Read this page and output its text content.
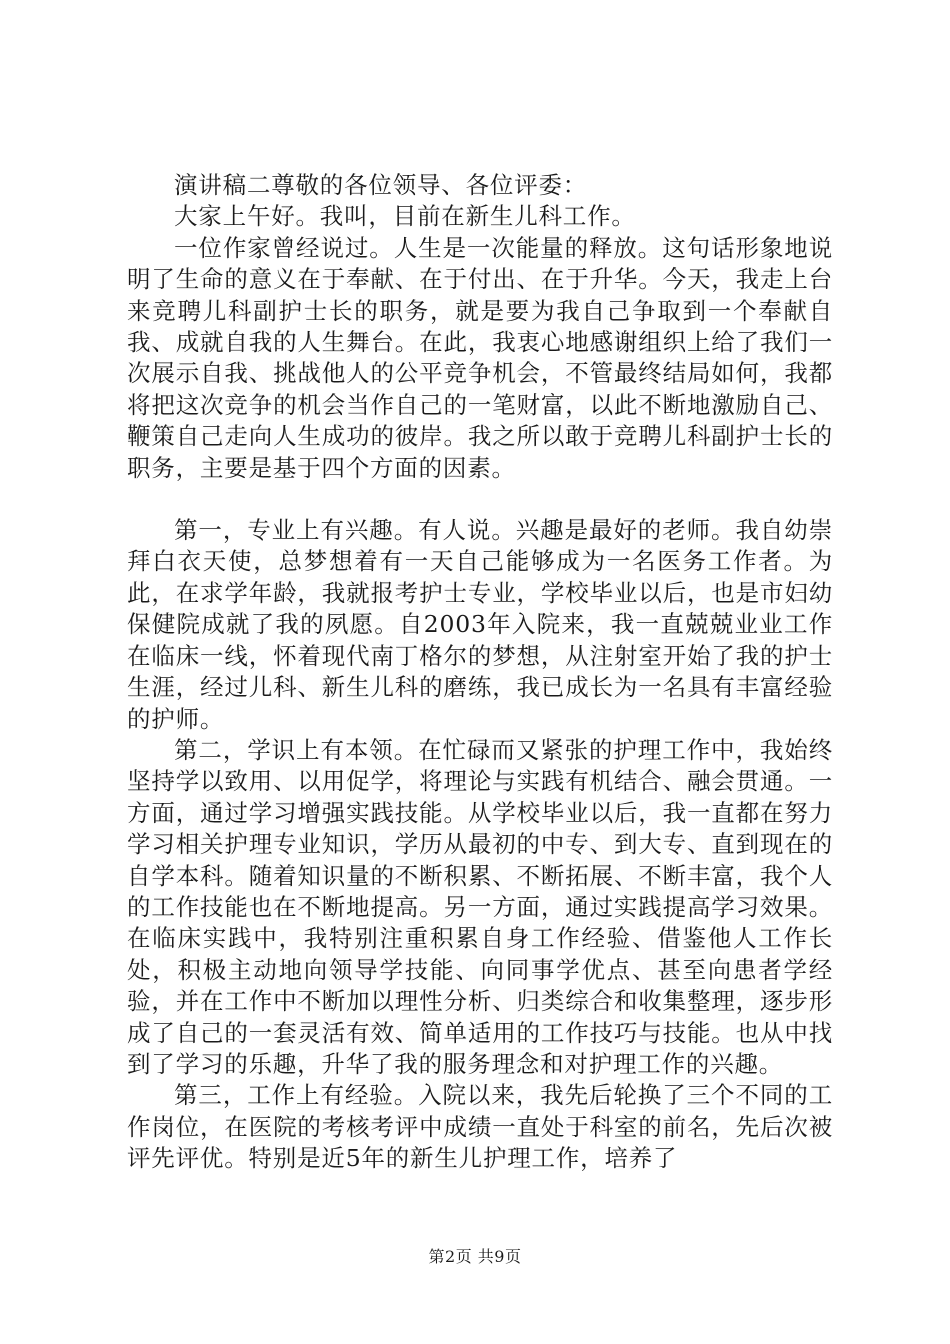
演讲稿二尊敬的各位领导、各位评委：

大家上午好。我叫，目前在新生儿科工作。

一位作家曾经说过。人生是一次能量的释放。这句话形象地说明了生命的意义在于奉献、在于付出、在于升华。今天，我走上台来竞聘儿科副护士长的职务，就是要为我自己争取到一个奉献自我、成就自我的人生舞台。在此，我衷心地感谢组织上给了我们一次展示自我、挑战他人的公平竞争机会，不管最终结局如何，我都将把这次竞争的机会当作自己的一笔财富，以此不断地激励自己、鞭策自己走向人生成功的彼岸。我之所以敢于竞聘儿科副护士长的职务，主要是基于四个方面的因素。

第一，专业上有兴趣。有人说。兴趣是最好的老师。我自幼崇拜白衣天使，总梦想着有一天自己能够成为一名医务工作者。为此，在求学年龄，我就报考护士专业，学校毕业以后，也是市妇幼保健院成就了我的夙愿。自2003年入院来，我一直兢兢业业工作在临床一线，怀着现代南丁格尔的梦想，从注射室开始了我的护士生涯，经过儿科、新生儿科的磨练，我已成长为一名具有丰富经验的护师。

第二，学识上有本领。在忙碌而又紧张的护理工作中，我始终坚持学以致用、以用促学，将理论与实践有机结合、融会贯通。一方面，通过学习增强实践技能。从学校毕业以后，我一直都在努力学习相关护理专业知识，学历从最初的中专、到大专、直到现在的自学本科。随着知识量的不断积累、不断拓展、不断丰富，我个人的工作技能也在不断地提高。另一方面，通过实践提高学习效果。在临床实践中，我特别注重积累自身工作经验、借鉴他人工作长处，积极主动地向领导学技能、向同事学优点、甚至向患者学经验，并在工作中不断加以理性分析、归类综合和收集整理，逐步形成了自己的一套灵活有效、简单适用的工作技巧与技能。也从中找到了学习的乐趣，升华了我的服务理念和对护理工作的兴趣。

第三，工作上有经验。入院以来，我先后轮换了三个不同的工作岗位，在医院的考核考评中成绩一直处于科室的前名，先后次被评先评优。特别是近5年的新生儿护理工作，培养了

第2页 共9页
